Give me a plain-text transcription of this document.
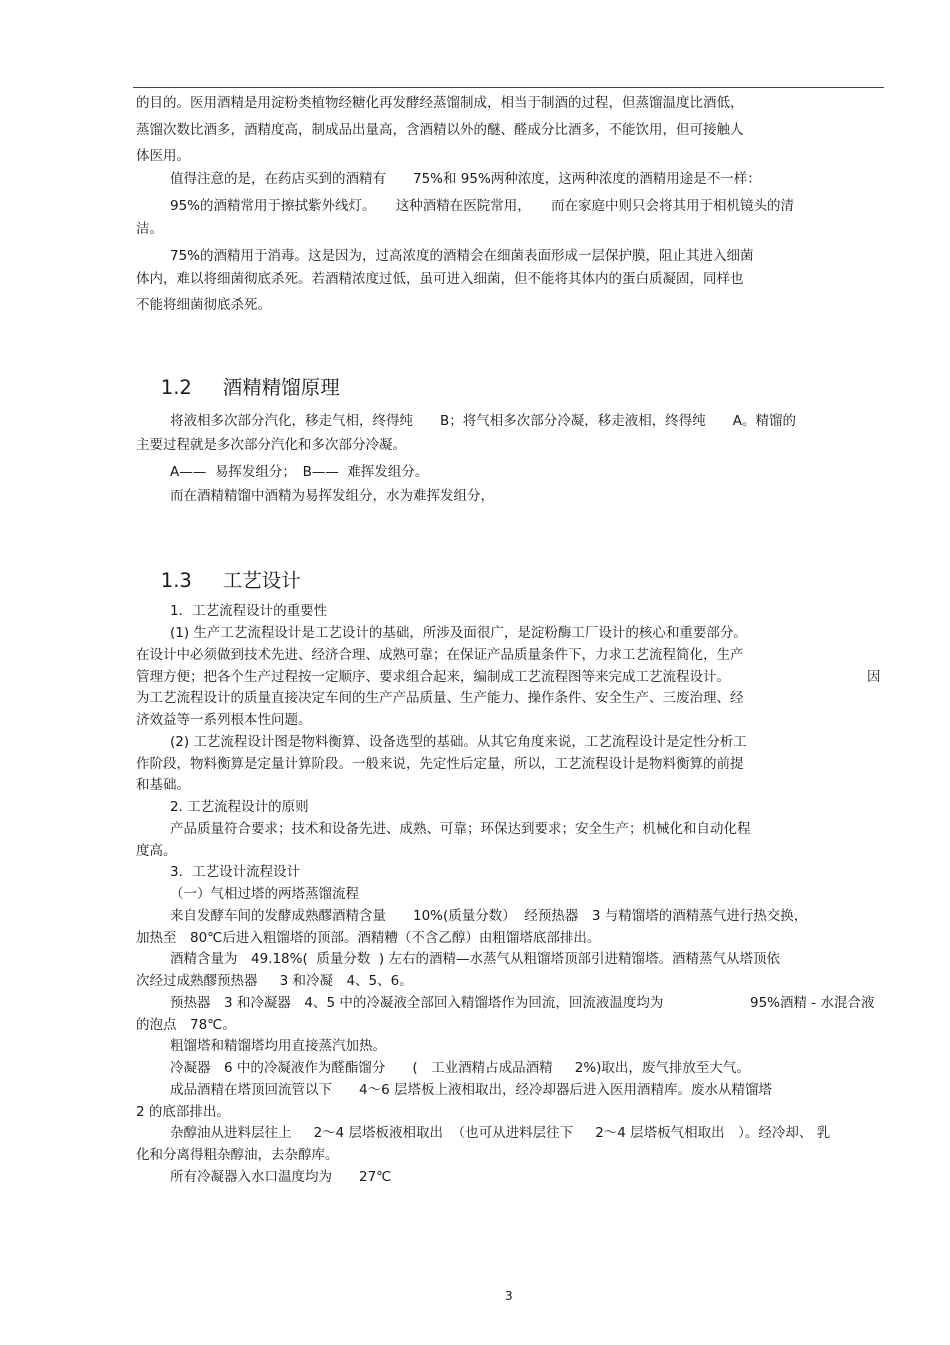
的目的。医用酒精是用淀粉类植物经糖化再发酵经蒸馏制成，相当于制酒的过程，但蒸馏温度比酒低，
蒸馏次数比酒多，酒精度高，制成品出量高，含酒精以外的醚、醛成分比酒多，不能饮用，但可接触人
体医用。
值得注意的是，在药店买到的酒精有　　75%和 95%两种浓度，这两种浓度的酒精用途是不一样：
95%的酒精常用于擦拭紫外线灯。　　这种酒精在医院常用，　　而在家庭中则只会将其用于相机镜头的清
洁。
75%的酒精用于消毒。这是因为，过高浓度的酒精会在细菌表面形成一层保护膜，阻止其进入细菌
体内，难以将细菌彻底杀死。若酒精浓度过低，虽可进入细菌，但不能将其体内的蛋白质凝固，同样也
不能将细菌彻底杀死。

1.2 酒精精馏原理

将液相多次部分汽化，移走气相，终得纯　　B；将气相多次部分冷凝，移走液相，终得纯　　A。精馏的
主要过程就是多次部分汽化和多次部分冷凝。
A——  易挥发组分；　B——  难挥发组分。
而在酒精精馏中酒精为易挥发组分，水为难挥发组分，

1.3 工艺设计

1．工艺流程设计的重要性
(1) 生产工艺流程设计是工艺设计的基础，所涉及面很广，是淀粉酶工厂设计的核心和重要部分。
在设计中必须做到技术先进、经济合理、成熟可靠；在保证产品质量条件下，力求工艺流程简化，生产
管理方便；把各个生产过程按一定顺序、要求组合起来，编制成工艺流程图等来完成工艺流程设计。	因
为工艺流程设计的质量直接决定车间的生产产品质量、生产能力、操作条件、安全生产、三废治理、经
济效益等一系列根本性问题。
(2) 工艺流程设计图是物料衡算、设备选型的基础。从其它角度来说，工艺流程设计是定性分析工
作阶段，物料衡算是定量计算阶段。一般来说，先定性后定量，所以，工艺流程设计是物料衡算的前提
和基础。
2. 工艺流程设计的原则
产品质量符合要求；技术和设备先进、成熟、可靠；环保达到要求；安全生产；机械化和自动化程
度高。
3．工艺设计流程设计
（一）气相过塔的两塔蒸馏流程
来自发酵车间的发酵成熟醪酒精含量　　10%(质量分数）  经预热器　3 与精馏塔的酒精蒸气进行热交换，
加热至　80℃后进入粗馏塔的顶部。酒精糟（不含乙醇）由粗馏塔底部排出。
酒精含量为　49.18%(  质量分数  ) 左右的酒精—水蒸气从粗馏塔顶部引进精馏塔。酒精蒸气从塔顶依
次经过成熟醪预热器　  3 和冷凝　4、5、6。
预热器　3 和冷凝器　4、5 中的冷凝液全部回入精馏塔作为回流，回流液温度均为	95%酒精 - 水混合液
的泡点　78℃。
粗馏塔和精馏塔均用直接蒸汽加热。
冷凝器　6 中的冷凝液作为醛酯馏分　　(　工业酒精占成品酒精　  2%)取出，废气排放至大气。
成品酒精在塔顶回流管以下　　4～6 层塔板上液相取出，经冷却器后进入医用酒精库。废水从精馏塔
2 的底部排出。
杂醇油从进料层往上　  2～4 层塔板液相取出  （也可从进料层往下　  2～4 层塔板气相取出　）。经冷却、 乳
化和分离得粗杂醇油，去杂醇库。
所有冷凝器入水口温度均为　　27℃
3
